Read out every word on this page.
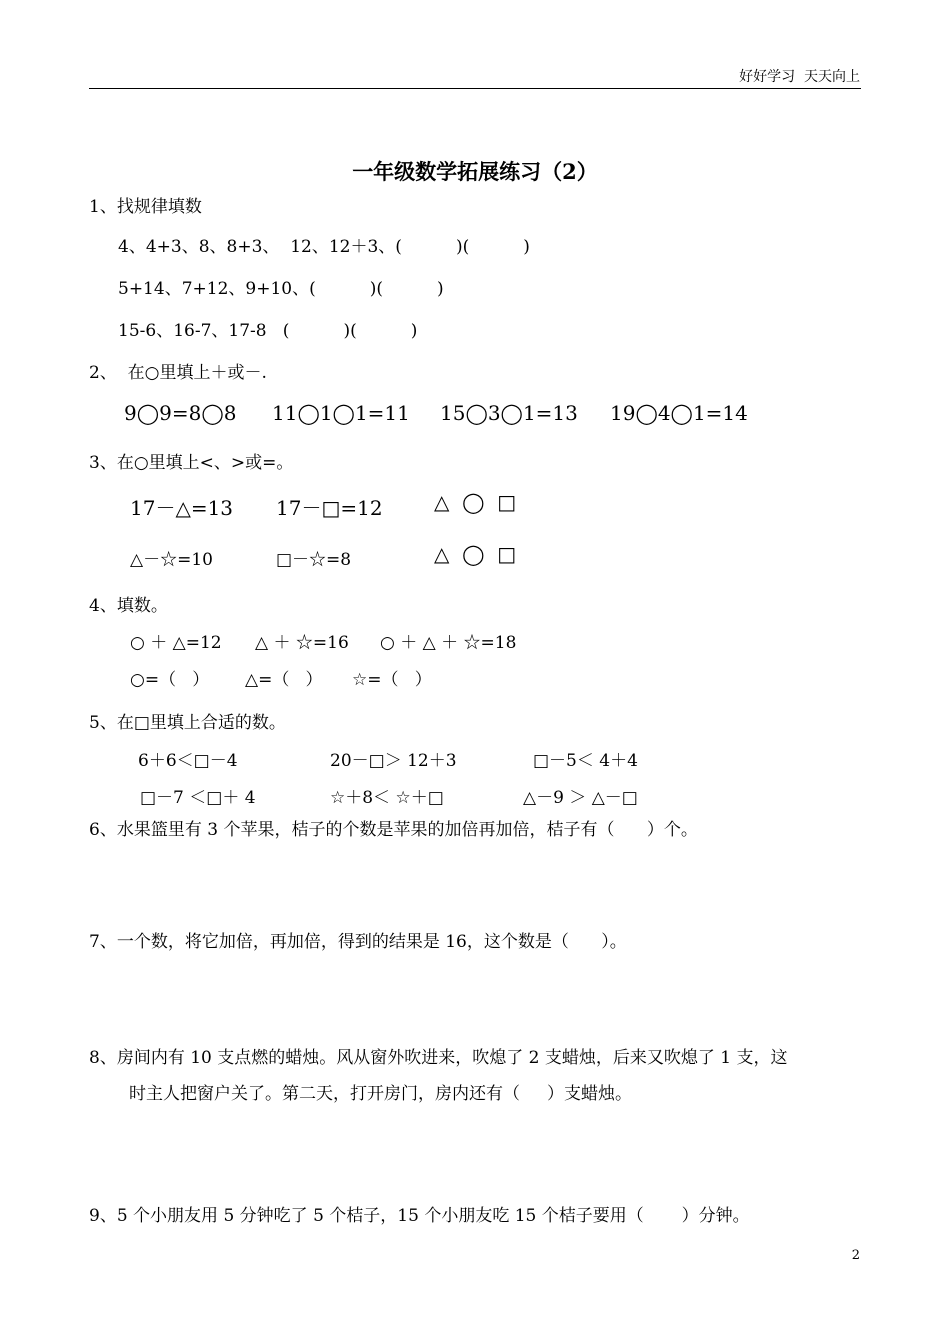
好好学习  天天向上
一年级数学拓展练习（2）
1、找规律填数
4、4+3、8、8+3、  12、12＋3、(          )(          )
5+14、7+12、9+10、(          )(          )
15-6、16-7、17-8   (          )(          )
2、  在○里填上＋或－.
9◯9=8◯8 11◯1◯1=11 15◯3◯1=13 19◯4◯1=14
3、在○里填上<、>或=。
17－△=13 17－□=12	△  ◯  □
△－☆=10	□－☆=8	△  ◯  □
4、填数。
○ ＋ △=12 △ ＋ ☆=16 ○ ＋ △ ＋ ☆=18
○=（   ） △=（   ） ☆=（   ）
5、在□里填上合适的数。
6＋6＜□－4	20－□＞ 12＋3	□－5＜ 4＋4
□－7 ＜□＋ 4	☆＋8＜ ☆＋□	△－9 ＞ △－□
6、水果篮里有 3 个苹果，桔子的个数是苹果的加倍再加倍，桔子有（      ）个。
7、一个数，将它加倍，再加倍，得到的结果是 16，这个数是（      ）。
8、房间内有 10 支点燃的蜡烛。风从窗外吹进来，吹熄了 2 支蜡烛，后来又吹熄了 1 支，这
时主人把窗户关了。第二天，打开房门，房内还有（     ）支蜡烛。
9、5 个小朋友用 5 分钟吃了 5 个桔子，15 个小朋友吃 15 个桔子要用（       ）分钟。
2
